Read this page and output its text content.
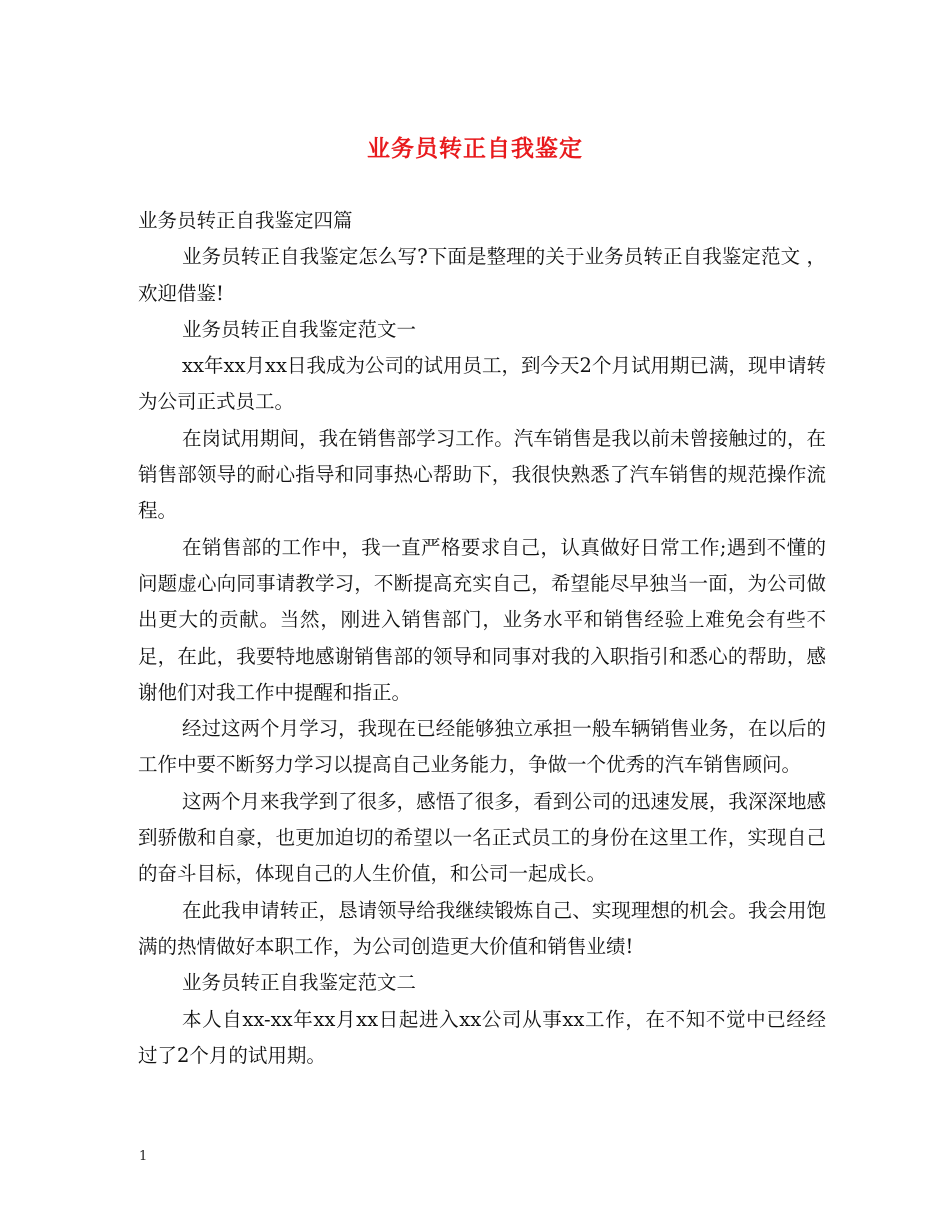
业务员转正自我鉴定

业务员转正自我鉴定四篇

业务员转正自我鉴定怎么写?下面是整理的关于业务员转正自我鉴定范文 ，欢迎借鉴!

业务员转正自我鉴定范文一

xx年xx月xx日我成为公司的试用员工，到今天2个月试用期已满，现申请转为公司正式员工。

在岗试用期间，我在销售部学习工作。汽车销售是我以前未曾接触过的，在销售部领导的耐心指导和同事热心帮助下，我很快熟悉了汽车销售的规范操作流程。

在销售部的工作中，我一直严格要求自己，认真做好日常工作;遇到不懂的问题虚心向同事请教学习，不断提高充实自己，希望能尽早独当一面，为公司做出更大的贡献。当然，刚进入销售部门，业务水平和销售经验上难免会有些不足，在此，我要特地感谢销售部的领导和同事对我的入职指引和悉心的帮助，感谢他们对我工作中提醒和指正。

经过这两个月学习，我现在已经能够独立承担一般车辆销售业务，在以后的工作中要不断努力学习以提高自己业务能力，争做一个优秀的汽车销售顾问。

这两个月来我学到了很多，感悟了很多，看到公司的迅速发展，我深深地感到骄傲和自豪，也更加迫切的希望以一名正式员工的身份在这里工作，实现自己的奋斗目标，体现自己的人生价值，和公司一起成长。

在此我申请转正，恳请领导给我继续锻炼自己、实现理想的机会。我会用饱满的热情做好本职工作，为公司创造更大价值和销售业绩!

业务员转正自我鉴定范文二

本人自xx-xx年xx月xx日起进入xx公司从事xx工作，在不知不觉中已经经过了2个月的试用期。

1
